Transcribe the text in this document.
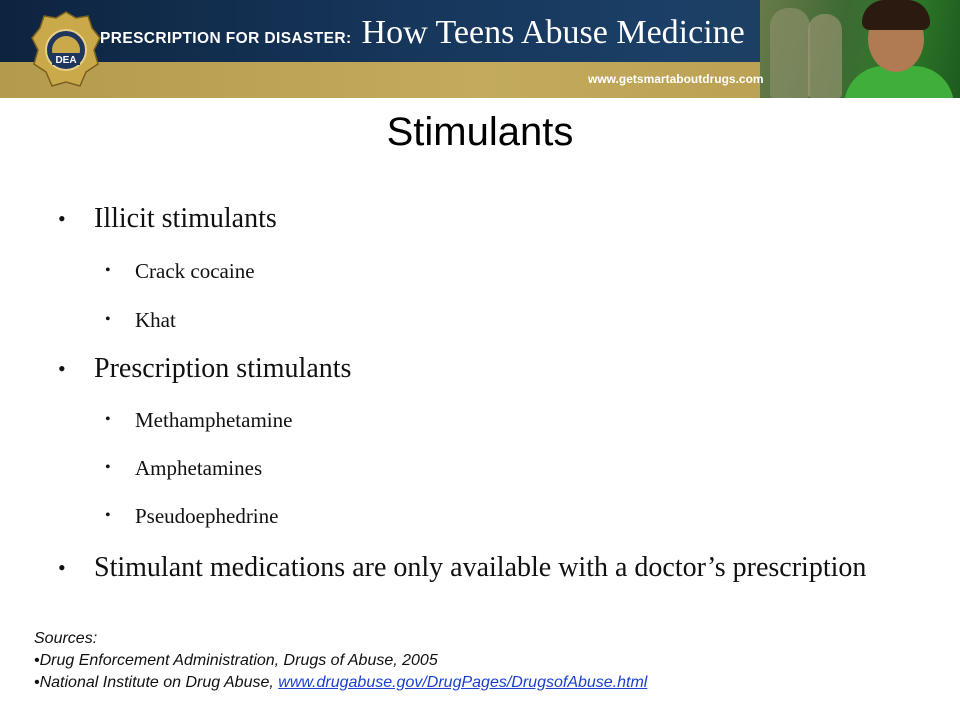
DEA
PRESCRIPTION FOR DISASTER: How Teens Abuse Medicine
www.getsmartaboutdrugs.com
Stimulants
• Illicit stimulants
• Crack cocaine
• Khat
• Prescription stimulants
• Methamphetamine
• Amphetamines
• Pseudoephedrine
• Stimulant medications are only available with a doctor’s prescription
Sources:
•Drug Enforcement Administration, Drugs of Abuse, 2005
•National Institute on Drug Abuse, www.drugabuse.gov/DrugPages/DrugsofAbuse.html
